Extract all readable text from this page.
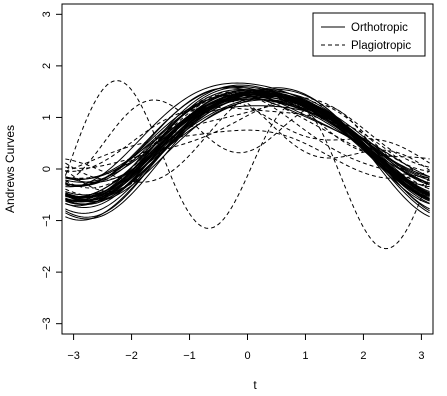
−3	−2	−1	0	1	2	3
−3
−2
−1
0
1
2
3
t
Andrews Curves
Orthotropic
Plagiotropic
